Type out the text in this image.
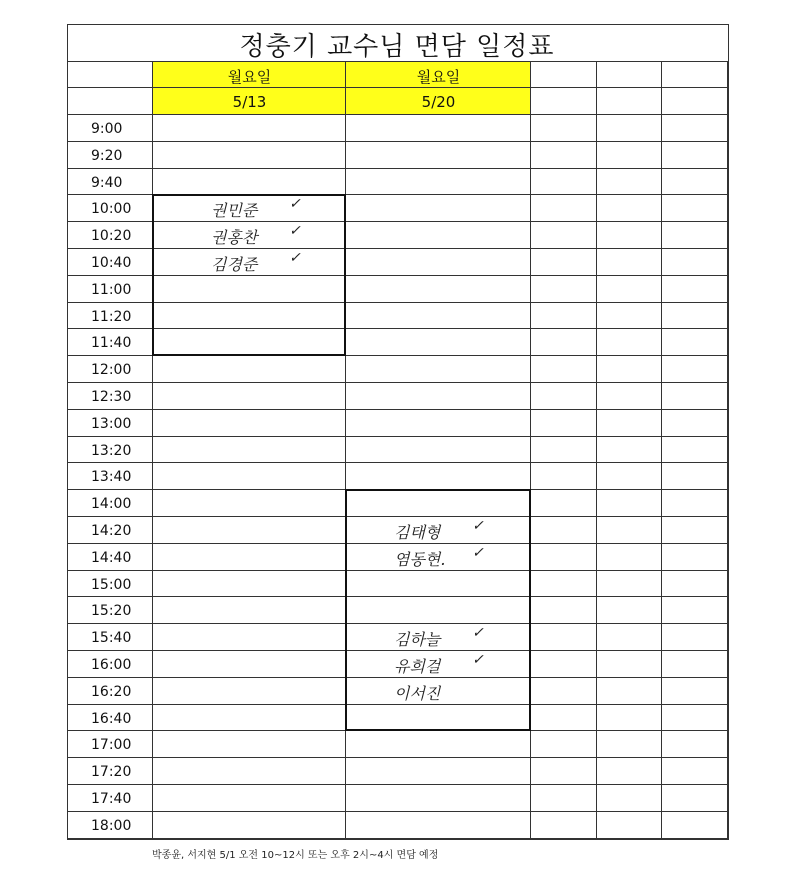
정충기 교수님 면담 일정표
월요일
5/13
월요일
5/20
9:00
9:20
9:40
10:00
10:20
10:40
11:00
11:20
11:40
12:00
12:30
13:00
13:20
13:40
14:00
14:20
14:40
15:00
15:20
15:40
16:00
16:20
16:40
17:00
17:20
17:40
18:00
권민준 ✓
권홍찬 ✓
김경준 ✓
김태형 ✓
염동현. ✓
김하늘 ✓
유희걸 ✓
이서진
박종윤, 서지현 5/1 오전 10~12시 또는 오후 2시~4시 면담 예정
